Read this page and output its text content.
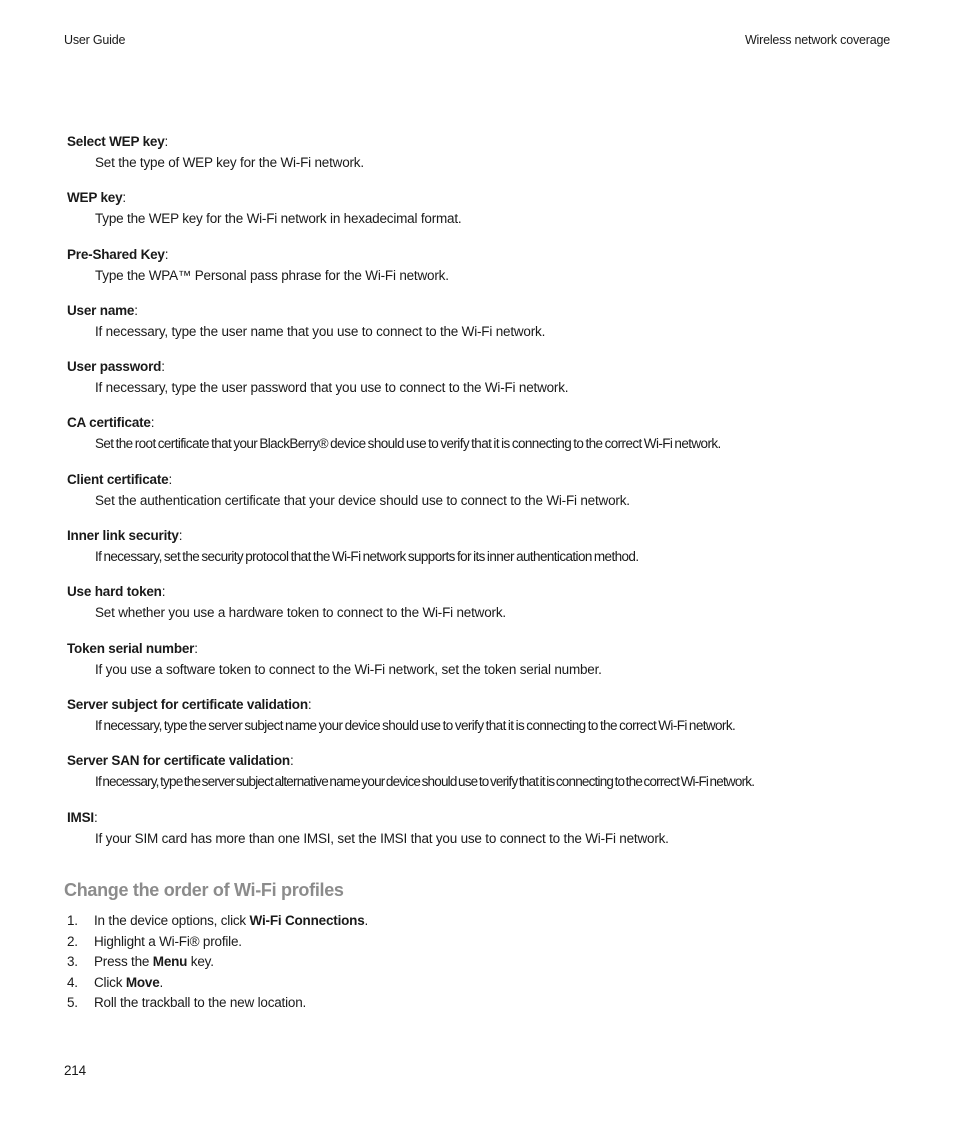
User Guide	Wireless network coverage
Select WEP key:
Set the type of WEP key for the Wi-Fi network.
WEP key:
Type the WEP key for the Wi-Fi network in hexadecimal format.
Pre-Shared Key:
Type the WPA™ Personal pass phrase for the Wi-Fi network.
User name:
If necessary, type the user name that you use to connect to the Wi-Fi network.
User password:
If necessary, type the user password that you use to connect to the Wi-Fi network.
CA certificate:
Set the root certificate that your BlackBerry® device should use to verify that it is connecting to the correct Wi-Fi network.
Client certificate:
Set the authentication certificate that your device should use to connect to the Wi-Fi network.
Inner link security:
If necessary, set the security protocol that the Wi-Fi network supports for its inner authentication method.
Use hard token:
Set whether you use a hardware token to connect to the Wi-Fi network.
Token serial number:
If you use a software token to connect to the Wi-Fi network, set the token serial number.
Server subject for certificate validation:
If necessary, type the server subject name your device should use to verify that it is connecting to the correct Wi-Fi network.
Server SAN for certificate validation:
If necessary, type the server subject alternative name your device should use to verify that it is connecting to the correct Wi-Fi network.
IMSI:
If your SIM card has more than one IMSI, set the IMSI that you use to connect to the Wi-Fi network.
Change the order of Wi-Fi profiles
1. In the device options, click Wi-Fi Connections.
2. Highlight a Wi-Fi® profile.
3. Press the Menu key.
4. Click Move.
5. Roll the trackball to the new location.
214
